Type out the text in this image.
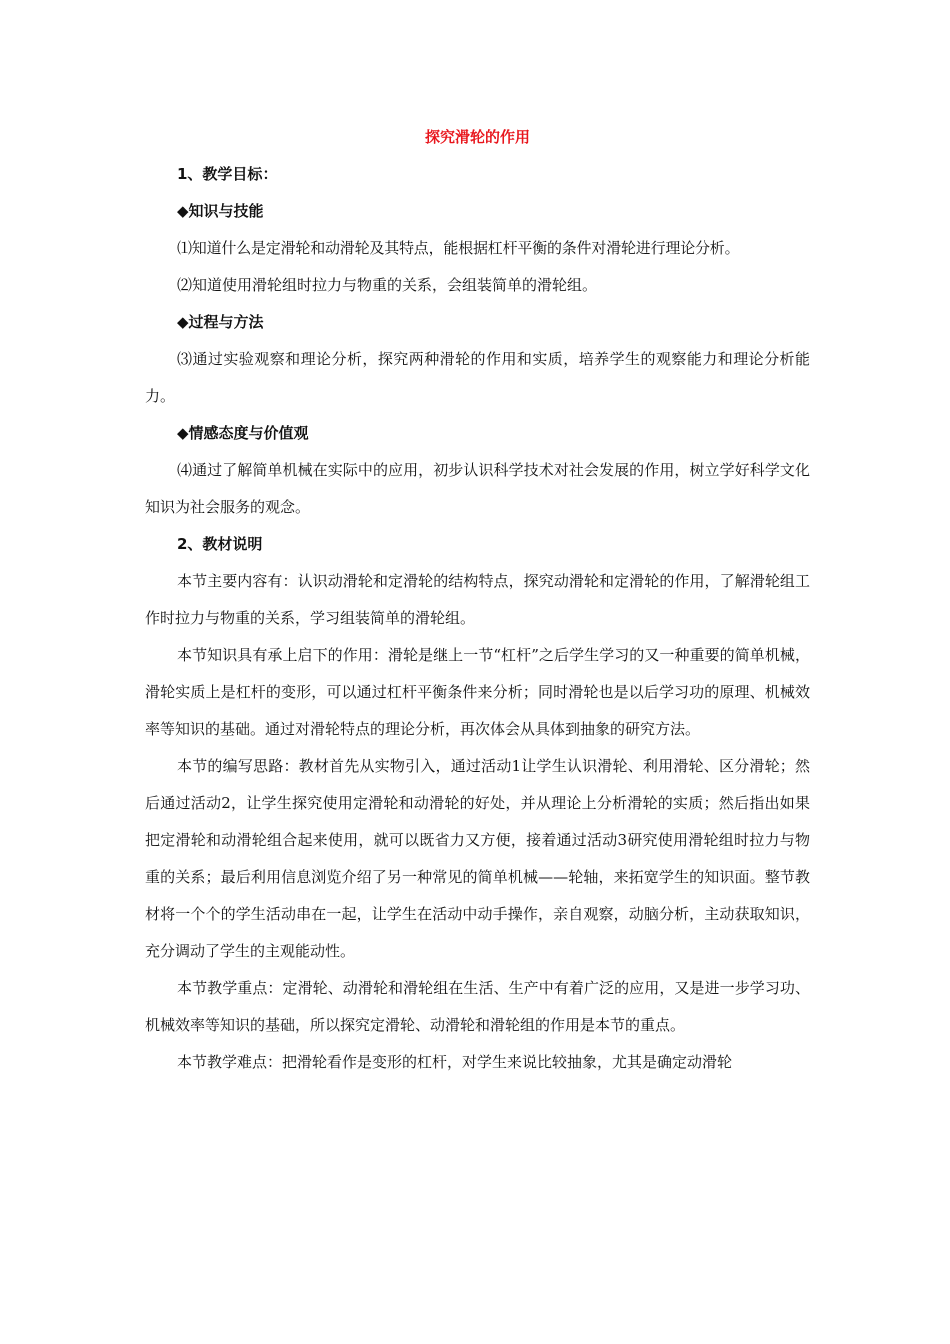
探究滑轮的作用

1、教学目标：

◆知识与技能

⑴知道什么是定滑轮和动滑轮及其特点，能根据杠杆平衡的条件对滑轮进行理论分析。

⑵知道使用滑轮组时拉力与物重的关系，会组装简单的滑轮组。

◆过程与方法

⑶通过实验观察和理论分析，探究两种滑轮的作用和实质，培养学生的观察能力和理论分析能力。

◆情感态度与价值观

⑷通过了解简单机械在实际中的应用，初步认识科学技术对社会发展的作用，树立学好科学文化知识为社会服务的观念。

2、教材说明

本节主要内容有：认识动滑轮和定滑轮的结构特点，探究动滑轮和定滑轮的作用，了解滑轮组工作时拉力与物重的关系，学习组装简单的滑轮组。

本节知识具有承上启下的作用：滑轮是继上一节“杠杆”之后学生学习的又一种重要的简单机械，滑轮实质上是杠杆的变形，可以通过杠杆平衡条件来分析；同时滑轮也是以后学习功的原理、机械效率等知识的基础。通过对滑轮特点的理论分析，再次体会从具体到抽象的研究方法。

本节的编写思路：教材首先从实物引入，通过活动1让学生认识滑轮、利用滑轮、区分滑轮；然后通过活动2，让学生探究使用定滑轮和动滑轮的好处，并从理论上分析滑轮的实质；然后指出如果把定滑轮和动滑轮组合起来使用，就可以既省力又方便，接着通过活动3研究使用滑轮组时拉力与物重的关系；最后利用信息浏览介绍了另一种常见的简单机械——轮轴，来拓宽学生的知识面。整节教材将一个个的学生活动串在一起，让学生在活动中动手操作，亲自观察，动脑分析，主动获取知识，充分调动了学生的主观能动性。

本节教学重点：定滑轮、动滑轮和滑轮组在生活、生产中有着广泛的应用，又是进一步学习功、机械效率等知识的基础，所以探究定滑轮、动滑轮和滑轮组的作用是本节的重点。

本节教学难点：把滑轮看作是变形的杠杆，对学生来说比较抽象，尤其是确定动滑轮
